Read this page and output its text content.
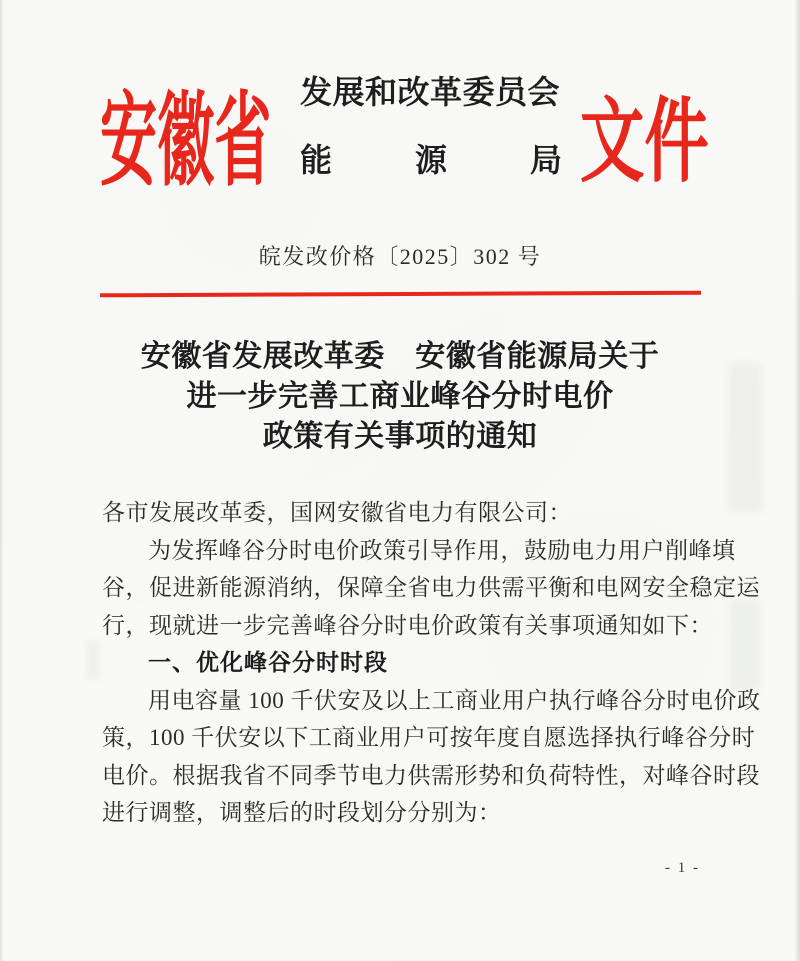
安徽省 发展和改革委员会
能	源	局 文件
皖发改价格〔2025〕302 号
安徽省发展改革委　安徽省能源局关于
进一步完善工商业峰谷分时电价
政策有关事项的通知
各市发展改革委，国网安徽省电力有限公司：
为发挥峰谷分时电价政策引导作用，鼓励电力用户削峰填
谷，促进新能源消纳，保障全省电力供需平衡和电网安全稳定运
行，现就进一步完善峰谷分时电价政策有关事项通知如下：
一、优化峰谷分时时段
用电容量 100 千伏安及以上工商业用户执行峰谷分时电价政
策，100 千伏安以下工商业用户可按年度自愿选择执行峰谷分时
电价。根据我省不同季节电力供需形势和负荷特性，对峰谷时段
进行调整，调整后的时段划分分别为：
- 1 -
